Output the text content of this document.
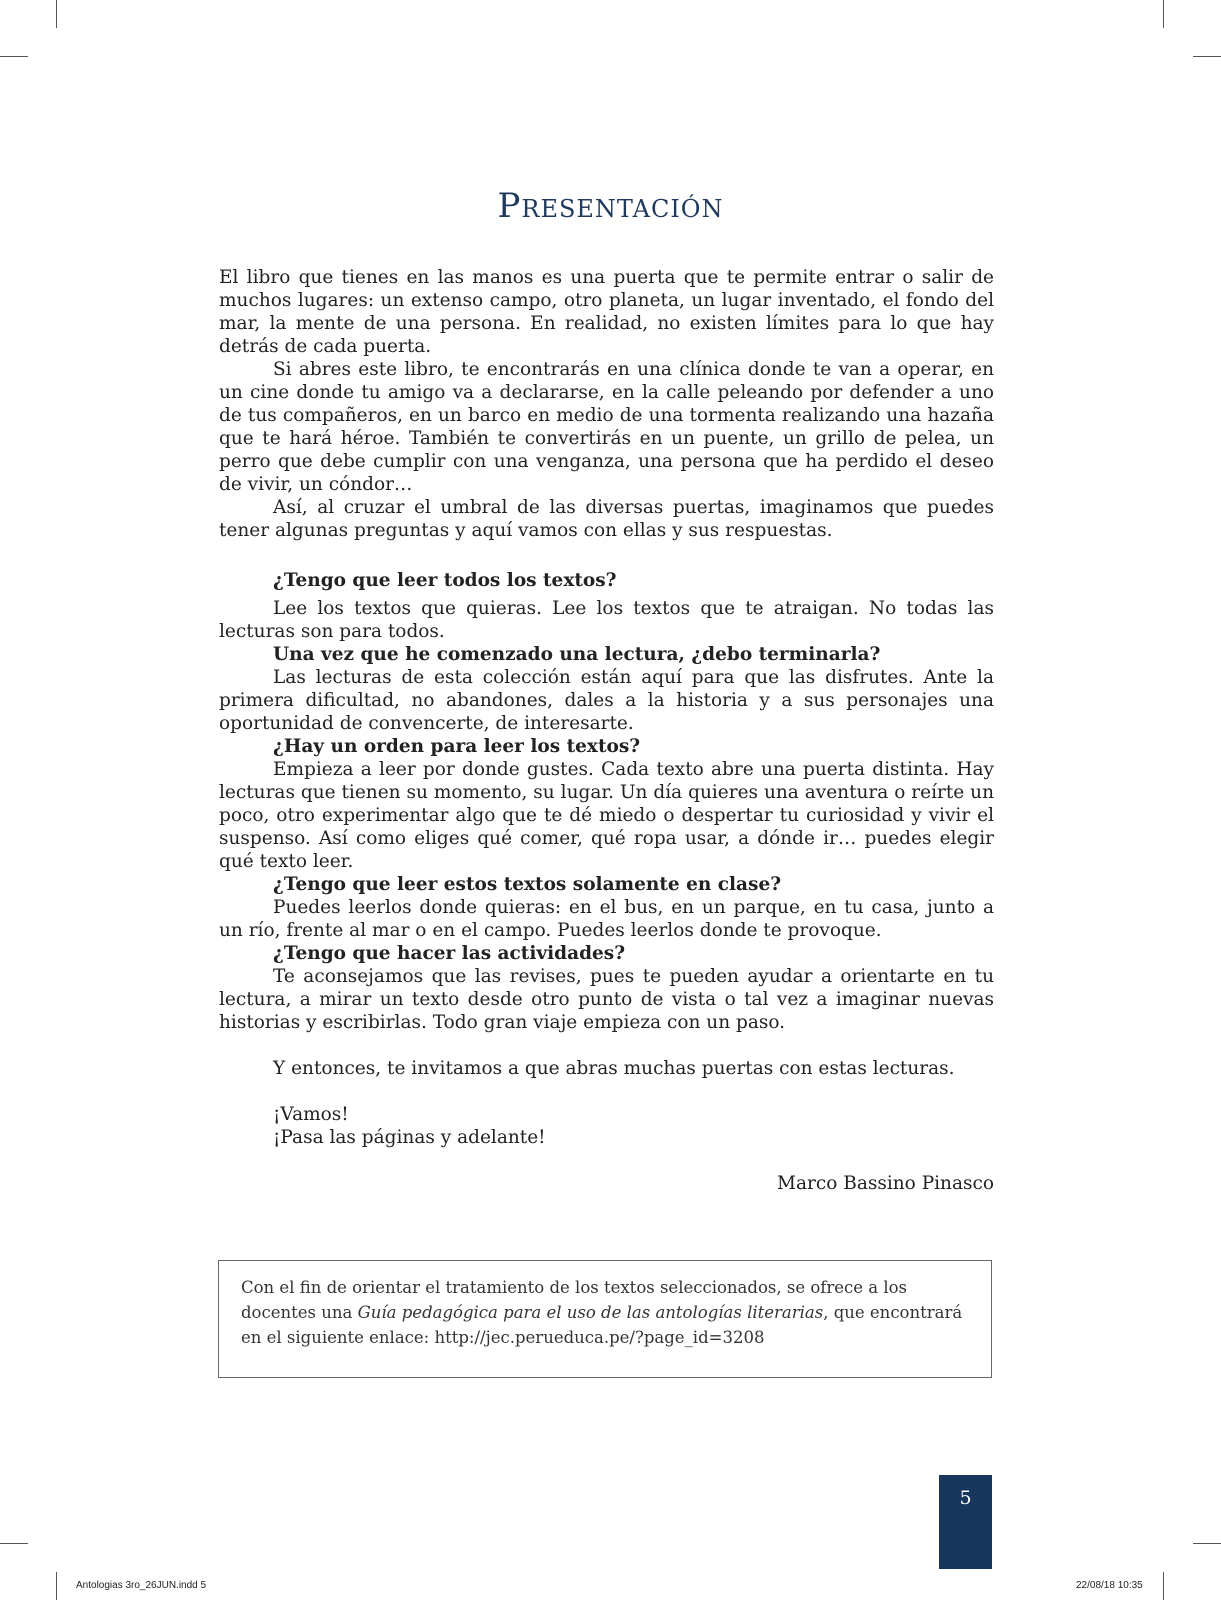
Presentación

El libro que tienes en las manos es una puerta que te permite entrar o salir de muchos lugares: un extenso campo, otro planeta, un lugar inventado, el fondo del mar, la mente de una persona. En realidad, no existen límites para lo que hay detrás de cada puerta.

Si abres este libro, te encontrarás en una clínica donde te van a operar, en un cine donde tu amigo va a declararse, en la calle peleando por defender a uno de tus compañeros, en un barco en medio de una tormenta realizando una hazaña que te hará héroe. También te convertirás en un puente, un grillo de pelea, un perro que debe cumplir con una venganza, una persona que ha perdido el deseo de vivir, un cóndor…

Así, al cruzar el umbral de las diversas puertas, imaginamos que puedes tener algunas preguntas y aquí vamos con ellas y sus respuestas.

¿Tengo que leer todos los textos?

Lee los textos que quieras. Lee los textos que te atraigan. No todas las lecturas son para todos.

Una vez que he comenzado una lectura, ¿debo terminarla?

Las lecturas de esta colección están aquí para que las disfrutes. Ante la primera dificultad, no abandones, dales a la historia y a sus personajes una oportunidad de convencerte, de interesarte.

¿Hay un orden para leer los textos?

Empieza a leer por donde gustes. Cada texto abre una puerta distinta. Hay lecturas que tienen su momento, su lugar. Un día quieres una aventura o reírte un poco, otro experimentar algo que te dé miedo o despertar tu curiosidad y vivir el suspenso. Así como eliges qué comer, qué ropa usar, a dónde ir… puedes elegir qué texto leer.

¿Tengo que leer estos textos solamente en clase?

Puedes leerlos donde quieras: en el bus, en un parque, en tu casa, junto a un río, frente al mar o en el campo. Puedes leerlos donde te provoque.

¿Tengo que hacer las actividades?

Te aconsejamos que las revises, pues te pueden ayudar a orientarte en tu lectura, a mirar un texto desde otro punto de vista o tal vez a imaginar nuevas historias y escribirlas. Todo gran viaje empieza con un paso.

Y entonces, te invitamos a que abras muchas puertas con estas lecturas.

¡Vamos!

¡Pasa las páginas y adelante!

Marco Bassino Pinasco

Con el fin de orientar el tratamiento de los textos seleccionados, se ofrece a los docentes una Guía pedagógica para el uso de las antologías literarias, que encontrará en el siguiente enlace: http://jec.perueduca.pe/?page_id=3208
5
Antologias 3ro_26JUN.indd 5	22/08/18 10:35
